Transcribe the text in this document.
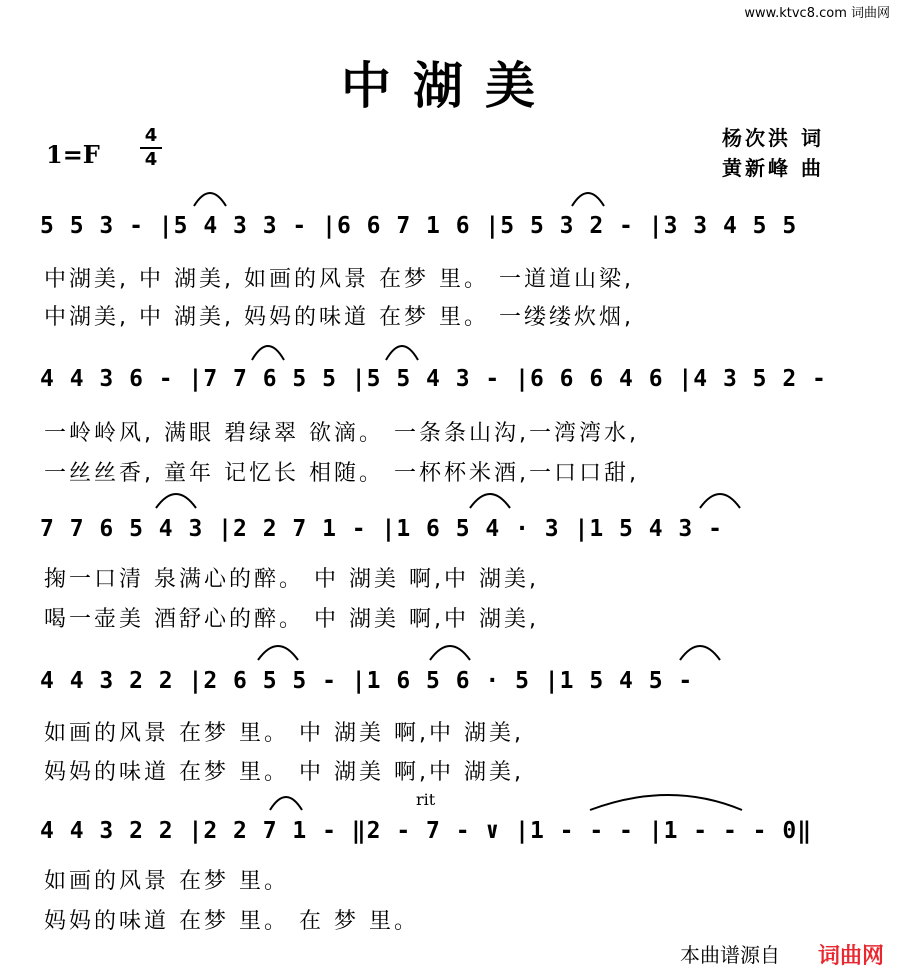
www.ktvc8.com 词曲网
中湖美
1=F
4
4
杨次洪 词
黄新峰 曲
5 5 3 - |5 4 3 3 - |6 6 7 1 6 |5 5 3 2 - |3 3 4 5 5
中湖美, 中 湖美, 如画的风景 在梦 里。 一道道山梁,
中湖美, 中 湖美, 妈妈的味道 在梦 里。 一缕缕炊烟,
4 4 3 6 - |7 7 6 5 5 |5 5 4 3 - |6 6 6 4 6 |4 3 5 2 -
一岭岭风, 满眼 碧绿翠 欲滴。 一条条山沟,一湾湾水,
一丝丝香, 童年 记忆长 相随。 一杯杯米酒,一口口甜,
7 7 6 5 4 3 |2 2 7 1 - |1 6 5 4 · 3 |1 5 4 3 -
掬一口清 泉满心的醉。 中 湖美 啊,中 湖美,
喝一壶美 酒舒心的醉。 中 湖美 啊,中 湖美,
4 4 3 2 2 |2 6 5 5 - |1 6 5 6 · 5 |1 5 4 5 -
如画的风景 在梦 里。 中 湖美 啊,中 湖美,
妈妈的味道 在梦 里。 中 湖美 啊,中 湖美,
rit
4 4 3 2 2 |2 2 7 1 - ‖2 - 7 - ∨ |1 - - - |1 - - - 0‖
如画的风景 在梦 里。
妈妈的味道 在梦 里。 在 梦 里。
本曲谱源自 词曲网
